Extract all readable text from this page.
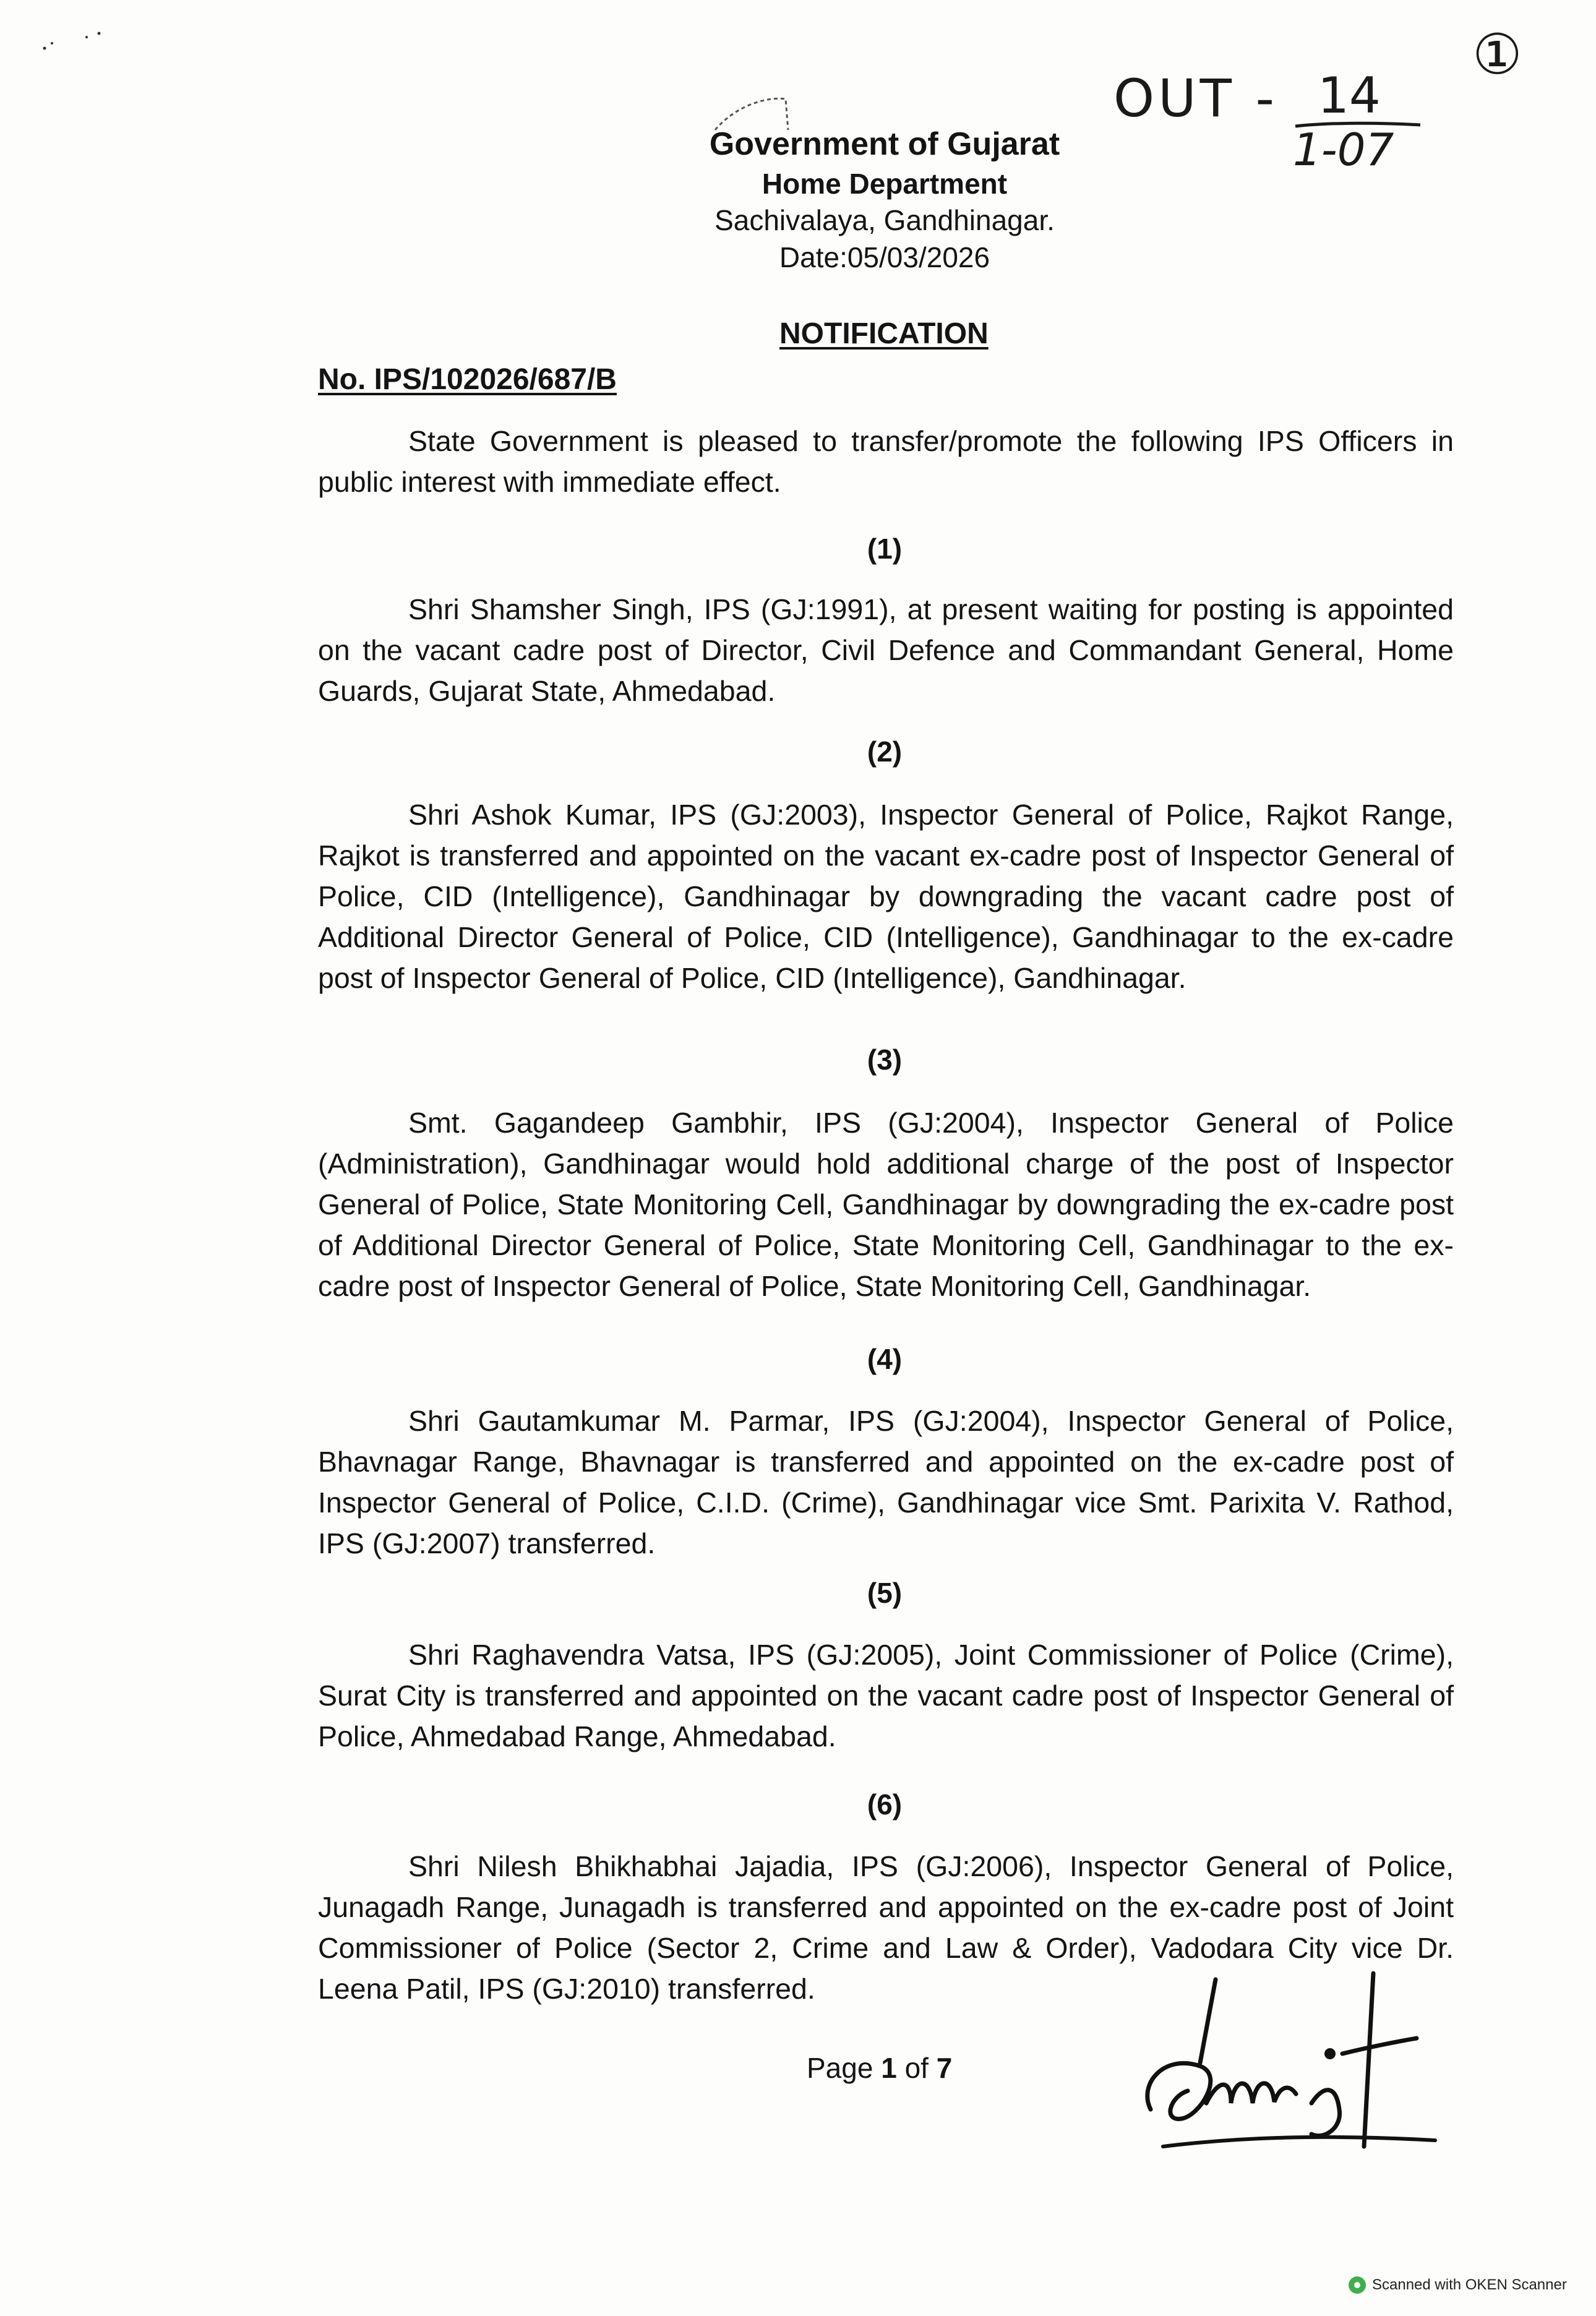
OUT - 14
1-07
①
Government of Gujarat
Home Department
Sachivalaya, Gandhinagar.
Date:05/03/2026
NOTIFICATION
No. IPS/102026/687/B
State Government is pleased to transfer/promote the following IPS Officers in public interest with immediate effect.
(1)
Shri Shamsher Singh, IPS (GJ:1991), at present waiting for posting is appointed on the vacant cadre post of Director, Civil Defence and Commandant General, Home Guards, Gujarat State, Ahmedabad.
(2)
Shri Ashok Kumar, IPS (GJ:2003), Inspector General of Police, Rajkot Range, Rajkot is transferred and appointed on the vacant ex-cadre post of Inspector General of Police, CID (Intelligence), Gandhinagar by downgrading the vacant cadre post of Additional Director General of Police, CID (Intelligence), Gandhinagar to the ex-cadre post of Inspector General of Police, CID (Intelligence), Gandhinagar.
(3)
Smt. Gagandeep Gambhir, IPS (GJ:2004), Inspector General of Police (Administration), Gandhinagar would hold additional charge of the post of Inspector General of Police, State Monitoring Cell, Gandhinagar by downgrading the ex-cadre post of Additional Director General of Police, State Monitoring Cell, Gandhinagar to the ex-cadre post of Inspector General of Police, State Monitoring Cell, Gandhinagar.
(4)
Shri Gautamkumar M. Parmar, IPS (GJ:2004), Inspector General of Police, Bhavnagar Range, Bhavnagar is transferred and appointed on the ex-cadre post of Inspector General of Police, C.I.D. (Crime), Gandhinagar vice Smt. Parixita V. Rathod, IPS (GJ:2007) transferred.
(5)
Shri Raghavendra Vatsa, IPS (GJ:2005), Joint Commissioner of Police (Crime), Surat City is transferred and appointed on the vacant cadre post of Inspector General of Police, Ahmedabad Range, Ahmedabad.
(6)
Shri Nilesh Bhikhabhai Jajadia, IPS (GJ:2006), Inspector General of Police, Junagadh Range, Junagadh is transferred and appointed on the ex-cadre post of Joint Commissioner of Police (Sector 2, Crime and Law & Order), Vadodara City vice Dr. Leena Patil, IPS (GJ:2010) transferred.
Page 1 of 7
Scanned with OKEN Scanner
